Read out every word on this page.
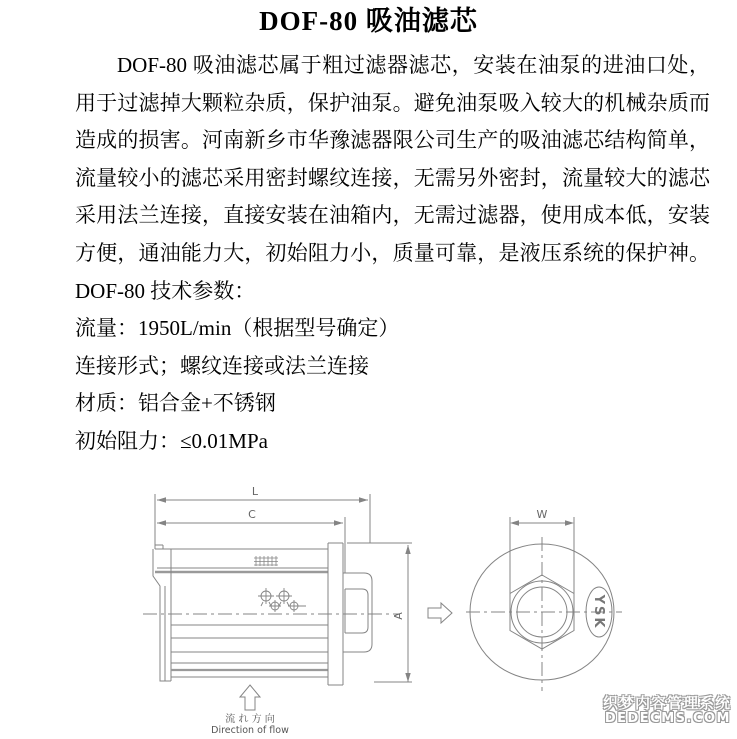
DOF-80 吸油滤芯
DOF-80 吸油滤芯属于粗过滤器滤芯，安装在油泵的进油口处，
用于过滤掉大颗粒杂质，保护油泵。避免油泵吸入较大的机械杂质而
造成的损害。河南新乡市华豫滤器限公司生产的吸油滤芯结构简单，
流量较小的滤芯采用密封螺纹连接，无需另外密封，流量较大的滤芯
采用法兰连接，直接安装在油箱内，无需过滤器，使用成本低，安装
方便，通油能力大，初始阻力小，质量可靠，是液压系统的保护神。
DOF-80 技术参数：
流量：1950L/min（根据型号确定）
连接形式；螺纹连接或法兰连接
材质：铝合金+不锈钢
初始阻力：≤0.01MPa
L
C
A
流 れ 方 向
Direction of flow
W
YSK
织梦内容管理系统
DEDECMS.COM
